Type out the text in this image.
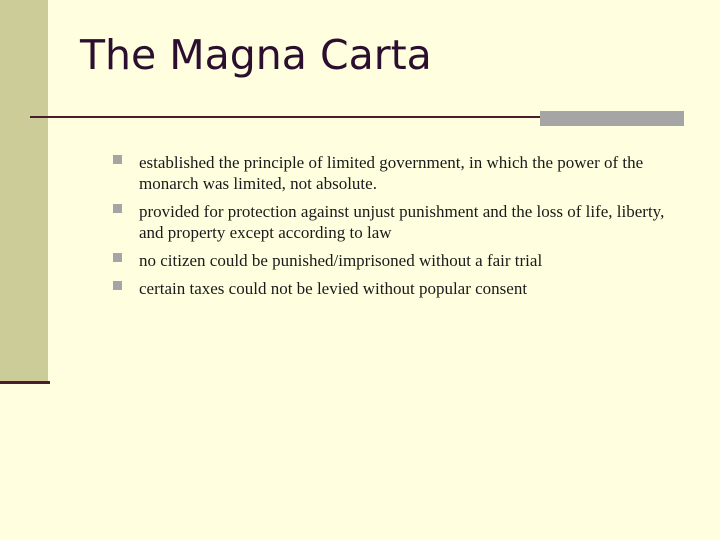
The Magna Carta
established the principle of limited government, in which the power of the monarch was limited, not absolute.
provided for protection against unjust punishment and the loss of life, liberty, and property except according to law
no citizen could be punished/imprisoned without a fair trial
certain taxes could not be levied without popular consent
